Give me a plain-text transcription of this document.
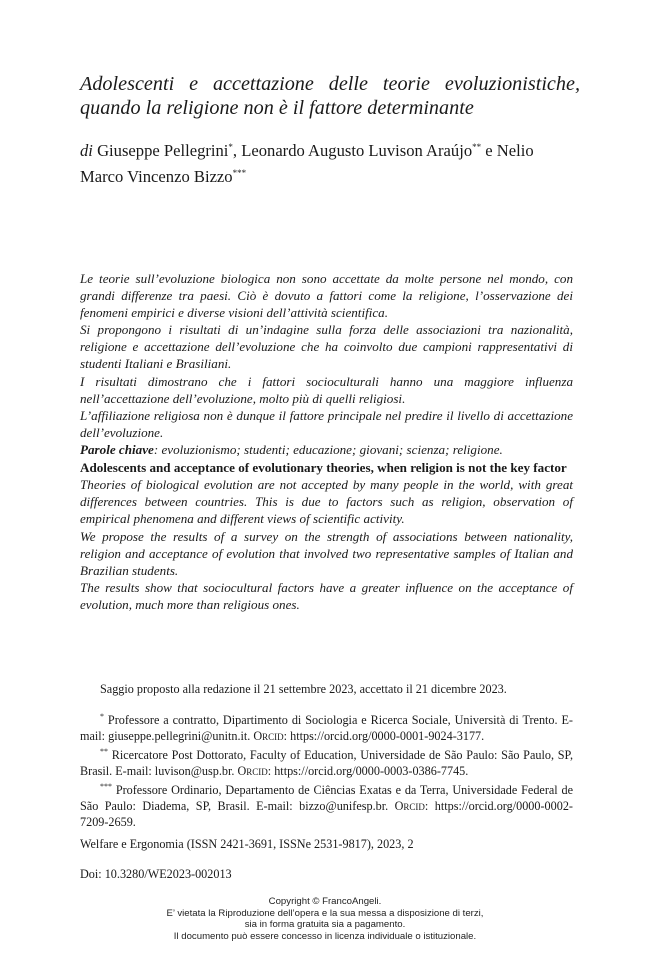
Adolescenti e accettazione delle teorie evoluzionistiche, quando la religione non è il fattore determinante
di Giuseppe Pellegrini*, Leonardo Augusto Luvison Araújo** e Nelio Marco Vincenzo Bizzo***

Le teorie sull’evoluzione biologica non sono accettate da molte persone nel mondo, con grandi differenze tra paesi. Ciò è dovuto a fattori come la religione, l’osservazione dei fenomeni empirici e diverse visioni dell’attività scientifica.

Si propongono i risultati di un’indagine sulla forza delle associazioni tra nazionalità, religione e accettazione dell’evoluzione che ha coinvolto due campioni rappresentativi di studenti Italiani e Brasiliani.

I risultati dimostrano che i fattori socioculturali hanno una maggiore influenza nell’accettazione dell’evoluzione, molto più di quelli religiosi.

L’affiliazione religiosa non è dunque il fattore principale nel predire il livello di accettazione dell’evoluzione.

Parole chiave: evoluzionismo; studenti; educazione; giovani; scienza; religione.

Adolescents and acceptance of evolutionary theories, when religion is not the key factor

Theories of biological evolution are not accepted by many people in the world, with great differences between countries. This is due to factors such as religion, observation of empirical phenomena and different views of scientific activity.

We propose the results of a survey on the strength of associations between nationality, religion and acceptance of evolution that involved two representative samples of Italian and Brazilian students.

The results show that sociocultural factors have a greater influence on the acceptance of evolution, much more than religious ones.

Saggio proposto alla redazione il 21 settembre 2023, accettato il 21 dicembre 2023.

* Professore a contratto, Dipartimento di Sociologia e Ricerca Sociale, Università di Trento. E-mail: giuseppe.pellegrini@unitn.it. Orcid: https://orcid.org/0000-0001-9024-3177.

** Ricercatore Post Dottorato, Faculty of Education, Universidade de São Paulo: São Paulo, SP, Brasil. E-mail: luvison@usp.br. Orcid: https://orcid.org/0000-0003-0386-7745.

*** Professore Ordinario, Departamento de Ciências Exatas e da Terra, Universidade Federal de São Paulo: Diadema, SP, Brasil. E-mail: bizzo@unifesp.br. Orcid: https://orcid.org/0000-0002-7209-2659.

Welfare e Ergonomia (ISSN 2421-3691, ISSNe 2531-9817), 2023, 2
Doi: 10.3280/WE2023-002013
Copyright © FrancoAngeli.
E’ vietata la Riproduzione dell’opera e la sua messa a disposizione di terzi,
sia in forma gratuita sia a pagamento.
Il documento può essere concesso in licenza individuale o istituzionale.
